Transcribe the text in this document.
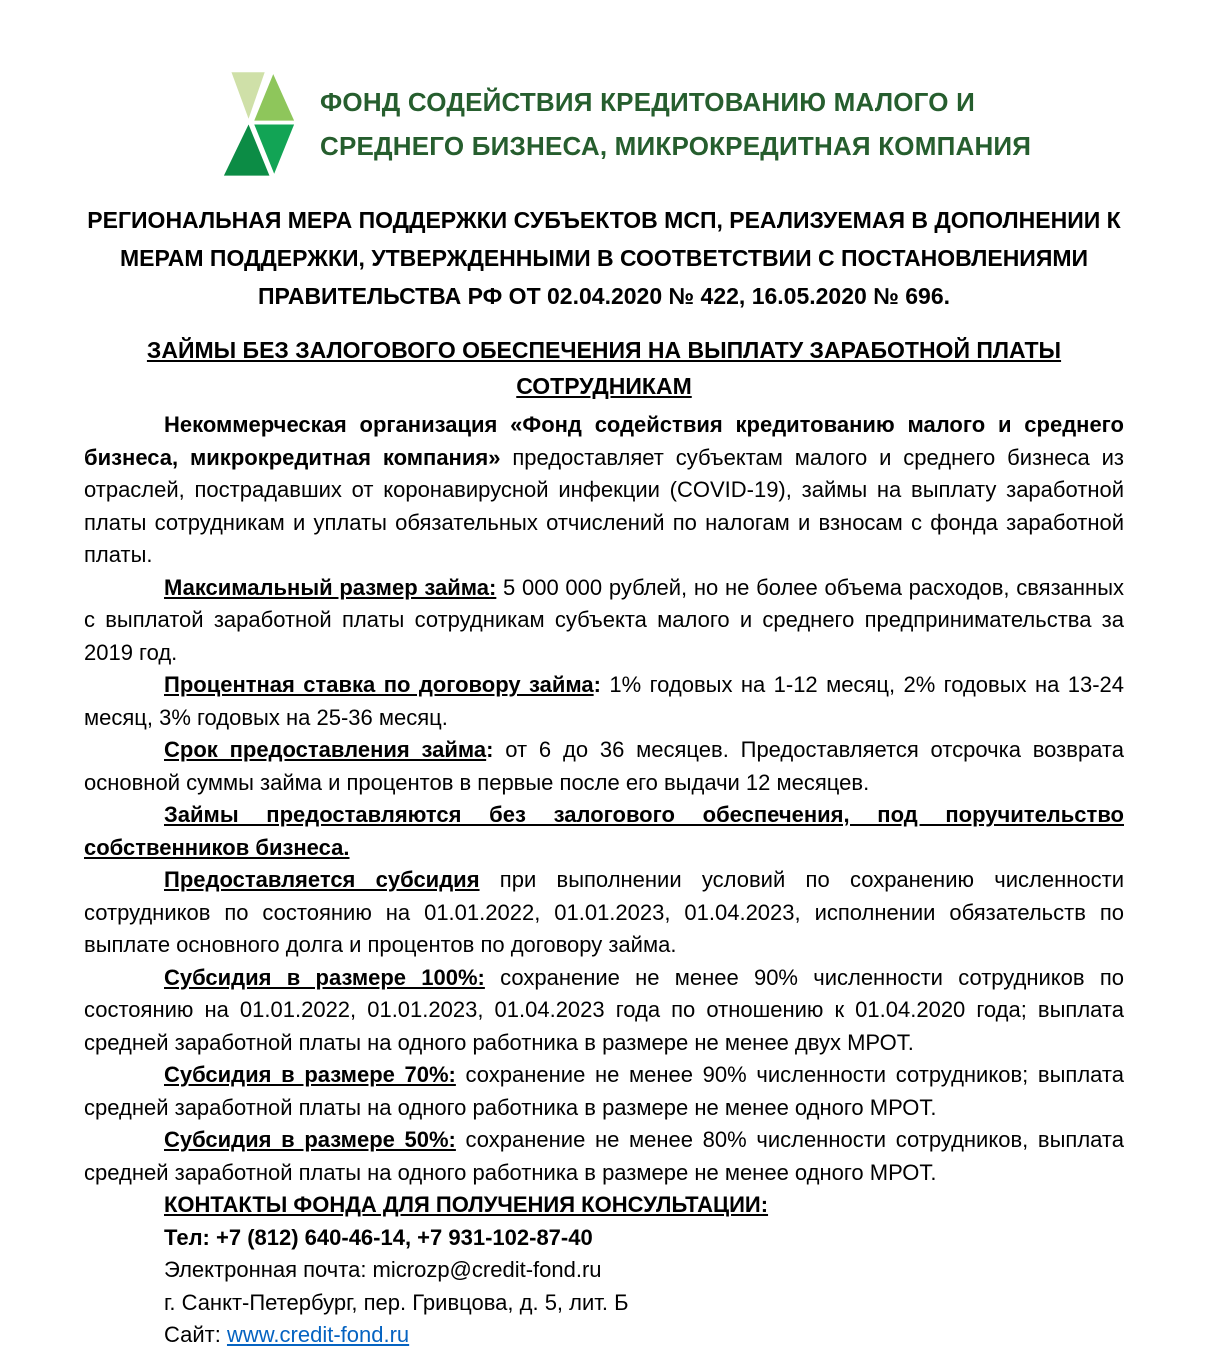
ФОНД СОДЕЙСТВИЯ КРЕДИТОВАНИЮ МАЛОГО И
СРЕДНЕГО БИЗНЕСА, МИКРОКРЕДИТНАЯ КОМПАНИЯ
РЕГИОНАЛЬНАЯ МЕРА ПОДДЕРЖКИ СУБЪЕКТОВ МСП, РЕАЛИЗУЕМАЯ В ДОПОЛНЕНИИ К
МЕРАМ ПОДДЕРЖКИ, УТВЕРЖДЕННЫМИ В СООТВЕТСТВИИ С ПОСТАНОВЛЕНИЯМИ
ПРАВИТЕЛЬСТВА РФ ОТ 02.04.2020 № 422, 16.05.2020 № 696.
ЗАЙМЫ БЕЗ ЗАЛОГОВОГО ОБЕСПЕЧЕНИЯ НА ВЫПЛАТУ ЗАРАБОТНОЙ ПЛАТЫ СОТРУДНИКАМ

Некоммерческая организация «Фонд содействия кредитованию малого и среднего бизнеса, микрокредитная компания» предоставляет субъектам малого и среднего бизнеса из отраслей, пострадавших от коронавирусной инфекции (COVID-19), займы на выплату заработной платы сотрудникам и уплаты обязательных отчислений по налогам и взносам с фонда заработной платы.

Максимальный размер займа: 5 000 000 рублей, но не более объема расходов, связанных с выплатой заработной платы сотрудникам субъекта малого и среднего предпринимательства за 2019 год.

Процентная ставка по договору займа: 1% годовых на 1-12 месяц, 2% годовых на 13-24 месяц, 3% годовых на 25-36 месяц.

Срок предоставления займа: от 6 до 36 месяцев. Предоставляется отсрочка возврата основной суммы займа и процентов в первые после его выдачи 12 месяцев.

Займы предоставляются без залогового обеспечения, под поручительство собственников бизнеса.

Предоставляется субсидия при выполнении условий по сохранению численности сотрудников по состоянию на 01.01.2022, 01.01.2023, 01.04.2023, исполнении обязательств по выплате основного долга и процентов по договору займа.

Субсидия в размере 100%: сохранение не менее 90% численности сотрудников по состоянию на 01.01.2022, 01.01.2023, 01.04.2023 года по отношению к 01.04.2020 года; выплата средней заработной платы на одного работника в размере не менее двух МРОТ.

Субсидия в размере 70%: сохранение не менее 90% численности сотрудников; выплата средней заработной платы на одного работника в размере не менее одного МРОТ.

Субсидия в размере 50%: сохранение не менее 80% численности сотрудников, выплата средней заработной платы на одного работника в размере не менее одного МРОТ.

КОНТАКТЫ ФОНДА ДЛЯ ПОЛУЧЕНИЯ КОНСУЛЬТАЦИИ:

Тел: +7 (812) 640-46-14, +7 931-102-87-40

Электронная почта: microzp@credit-fond.ru

г. Санкт-Петербург, пер. Гривцова, д. 5, лит. Б

Сайт: www.credit-fond.ru
